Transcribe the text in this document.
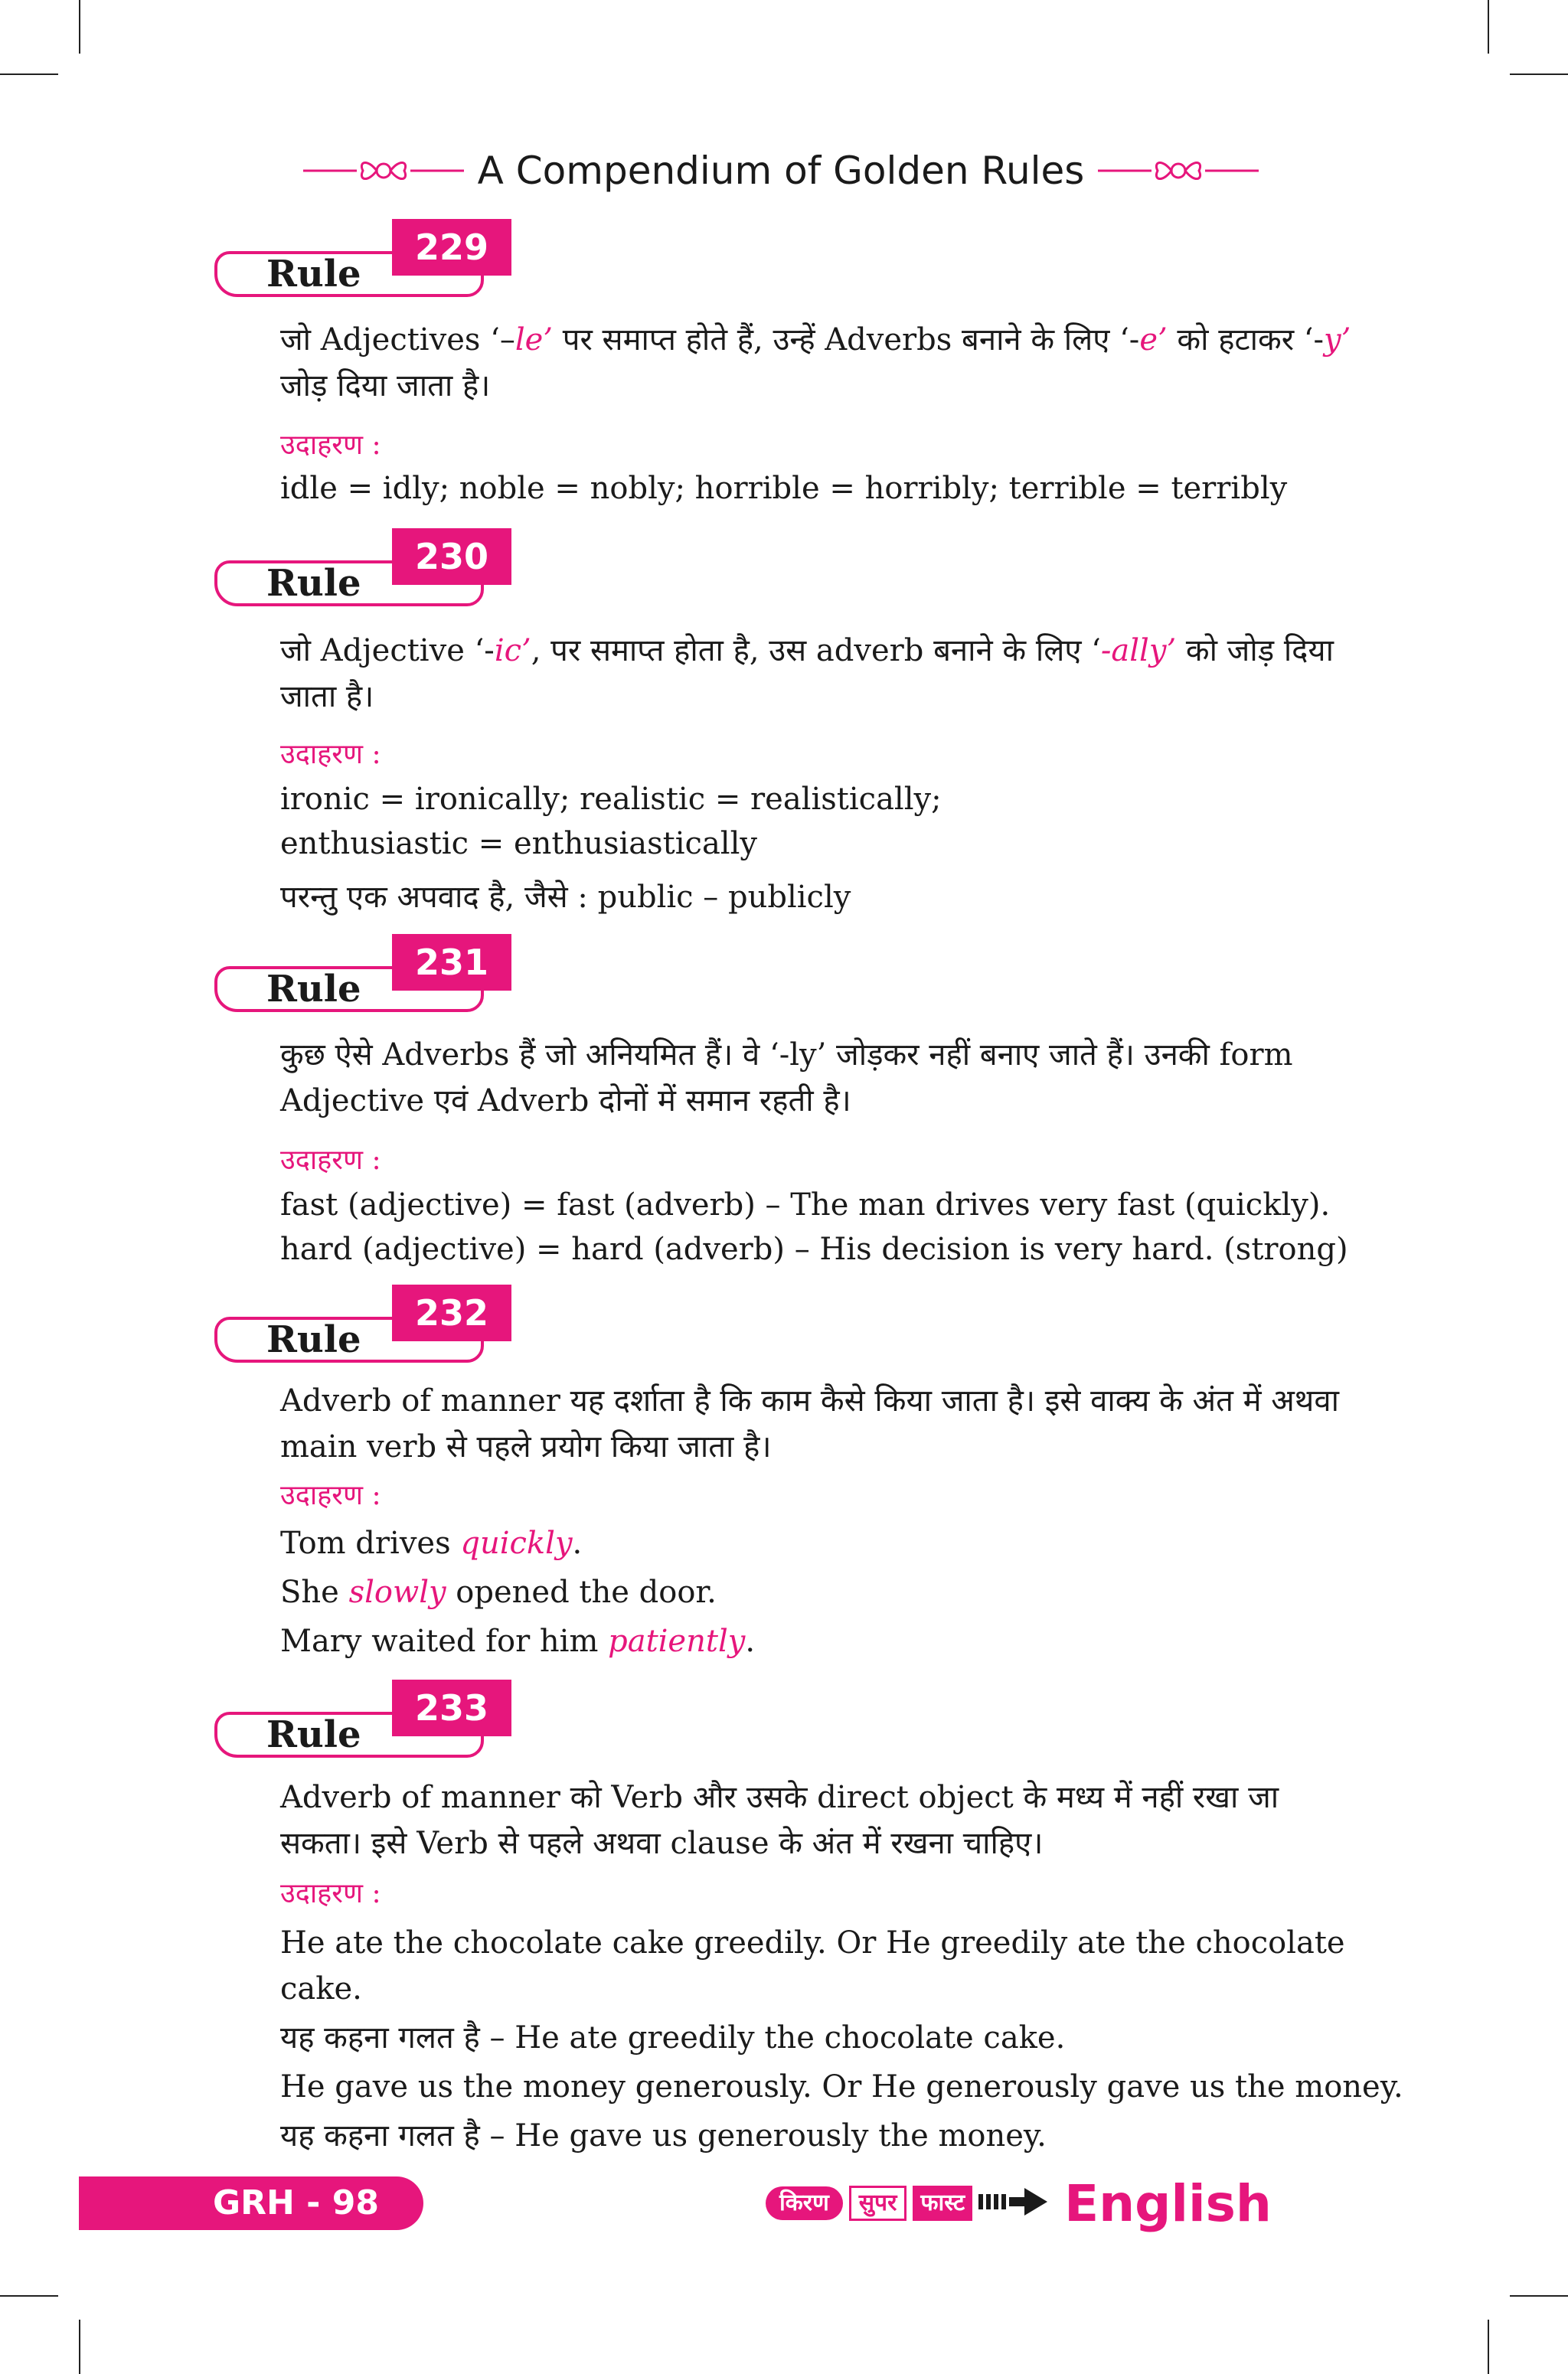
A Compendium of Golden Rules
Rule
229
जो Adjectives ‘–le’ पर समाप्त होते हैं, उन्हें Adverbs बनाने के लिए ‘-e’ को हटाकर ‘-y’ जोड़ दिया जाता है।
उदाहरण :
idle = idly; noble = nobly; horrible = horribly; terrible = terribly
Rule
230
जो Adjective ‘-ic’, पर समाप्त होता है, उस adverb बनाने के लिए ‘-ally’ को जोड़ दिया जाता है।
उदाहरण :
ironic = ironically; realistic = realistically;
enthusiastic = enthusiastically
परन्तु एक अपवाद है, जैसे : public – publicly
Rule
231
कुछ ऐसे Adverbs हैं जो अनियमित हैं। वे ‘-ly’ जोड़कर नहीं बनाए जाते हैं। उनकी form Adjective एवं Adverb दोनों में समान रहती है।
उदाहरण :
fast (adjective) = fast (adverb) – The man drives very fast (quickly).
hard (adjective) = hard (adverb) – His decision is very hard. (strong)
Rule
232
Adverb of manner यह दर्शाता है कि काम कैसे किया जाता है। इसे वाक्य के अंत में अथवा main verb से पहले प्रयोग किया जाता है।
उदाहरण :
Tom drives quickly.
She slowly opened the door.
Mary waited for him patiently.
Rule
233
Adverb of manner को Verb और उसके direct object के मध्य में नहीं रखा जा सकता। इसे Verb से पहले अथवा clause के अंत में रखना चाहिए।
उदाहरण :
He ate the chocolate cake greedily. Or He greedily ate the chocolate cake.
यह कहना गलत है – He ate greedily the chocolate cake.
He gave us the money generously. Or He generously gave us the money.
यह कहना गलत है – He gave us generously the money.
GRH - 98	किरण	सुपर	फास्ट English
